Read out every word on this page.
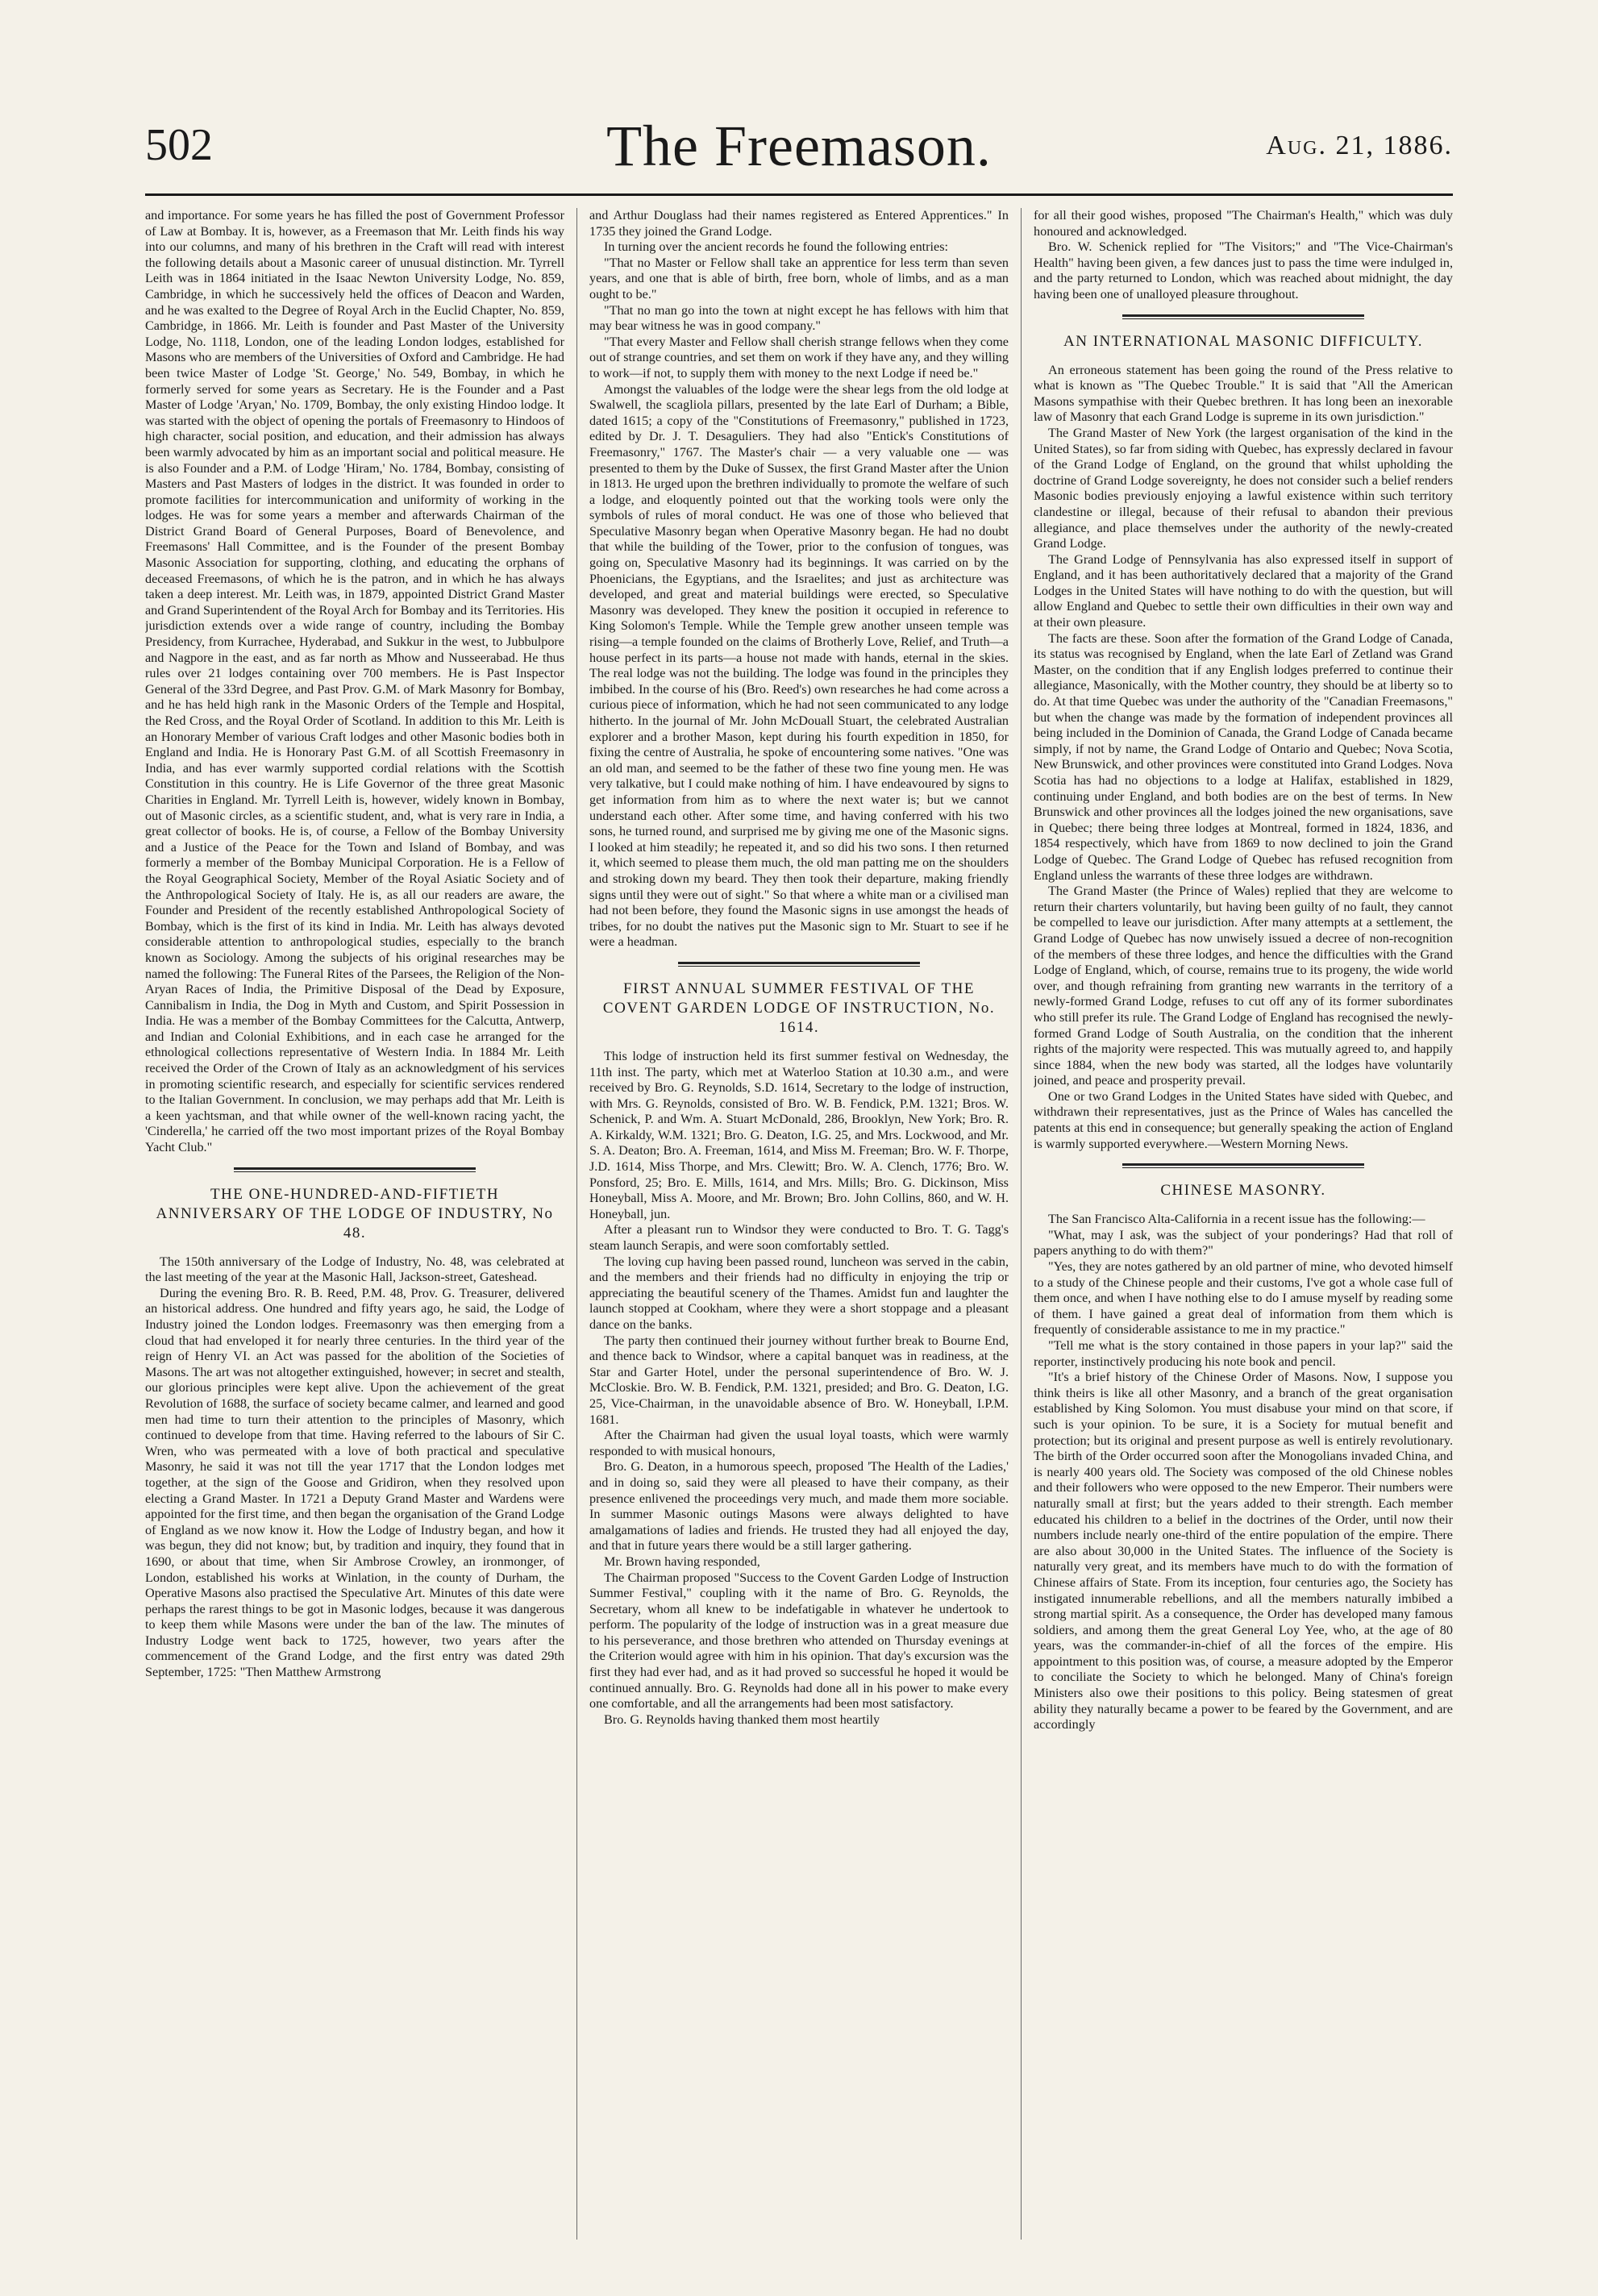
502	The Freemason.	Aug. 21, 1886.

and importance. For some years he has filled the post of Government Professor of Law at Bombay. It is, however, as a Freemason that Mr. Leith finds his way into our columns, and many of his brethren in the Craft will read with interest the following details about a Masonic career of unusual distinction. Mr. Tyrrell Leith was in 1864 initiated in the Isaac Newton University Lodge, No. 859, Cambridge, in which he successively held the offices of Deacon and Warden, and he was exalted to the Degree of Royal Arch in the Euclid Chapter, No. 859, Cambridge, in 1866. Mr. Leith is founder and Past Master of the University Lodge, No. 1118, London, one of the leading London lodges, established for Masons who are members of the Universities of Oxford and Cambridge. He had been twice Master of Lodge 'St. George,' No. 549, Bombay, in which he formerly served for some years as Secretary. He is the Founder and a Past Master of Lodge 'Aryan,' No. 1709, Bombay, the only existing Hindoo lodge. It was started with the object of opening the portals of Freemasonry to Hindoos of high character, social position, and education, and their admission has always been warmly advocated by him as an important social and political measure. He is also Founder and a P.M. of Lodge 'Hiram,' No. 1784, Bombay, consisting of Masters and Past Masters of lodges in the district. It was founded in order to promote facilities for intercommunication and uniformity of working in the lodges. He was for some years a member and afterwards Chairman of the District Grand Board of General Purposes, Board of Benevolence, and Freemasons' Hall Committee, and is the Founder of the present Bombay Masonic Association for supporting, clothing, and educating the orphans of deceased Freemasons, of which he is the patron, and in which he has always taken a deep interest. Mr. Leith was, in 1879, appointed District Grand Master and Grand Superintendent of the Royal Arch for Bombay and its Territories. His jurisdiction extends over a wide range of country, including the Bombay Presidency, from Kurrachee, Hyderabad, and Sukkur in the west, to Jubbulpore and Nagpore in the east, and as far north as Mhow and Nusseerabad. He thus rules over 21 lodges containing over 700 members. He is Past Inspector General of the 33rd Degree, and Past Prov. G.M. of Mark Masonry for Bombay, and he has held high rank in the Masonic Orders of the Temple and Hospital, the Red Cross, and the Royal Order of Scotland. In addition to this Mr. Leith is an Honorary Member of various Craft lodges and other Masonic bodies both in England and India. He is Honorary Past G.M. of all Scottish Freemasonry in India, and has ever warmly supported cordial relations with the Scottish Constitution in this country. He is Life Governor of the three great Masonic Charities in England. Mr. Tyrrell Leith is, however, widely known in Bombay, out of Masonic circles, as a scientific student, and, what is very rare in India, a great collector of books. He is, of course, a Fellow of the Bombay University and a Justice of the Peace for the Town and Island of Bombay, and was formerly a member of the Bombay Municipal Corporation. He is a Fellow of the Royal Geographical Society, Member of the Royal Asiatic Society and of the Anthropological Society of Italy. He is, as all our readers are aware, the Founder and President of the recently established Anthropological Society of Bombay, which is the first of its kind in India. Mr. Leith has always devoted considerable attention to anthropological studies, especially to the branch known as Sociology. Among the subjects of his original researches may be named the following: The Funeral Rites of the Parsees, the Religion of the Non-Aryan Races of India, the Primitive Disposal of the Dead by Exposure, Cannibalism in India, the Dog in Myth and Custom, and Spirit Possession in India. He was a member of the Bombay Committees for the Calcutta, Antwerp, and Indian and Colonial Exhibitions, and in each case he arranged for the ethnological collections representative of Western India. In 1884 Mr. Leith received the Order of the Crown of Italy as an acknowledgment of his services in promoting scientific research, and especially for scientific services rendered to the Italian Government. In conclusion, we may perhaps add that Mr. Leith is a keen yachtsman, and that while owner of the well-known racing yacht, the 'Cinderella,' he carried off the two most important prizes of the Royal Bombay Yacht Club."

THE ONE-HUNDRED-AND-FIFTIETH ANNIVERSARY OF THE LODGE OF INDUSTRY, No 48.

The 150th anniversary of the Lodge of Industry, No. 48, was celebrated at the last meeting of the year at the Masonic Hall, Jackson-street, Gateshead.

During the evening Bro. R. B. Reed, P.M. 48, Prov. G. Treasurer, delivered an historical address. One hundred and fifty years ago, he said, the Lodge of Industry joined the London lodges. Freemasonry was then emerging from a cloud that had enveloped it for nearly three centuries. In the third year of the reign of Henry VI. an Act was passed for the abolition of the Societies of Masons. The art was not altogether extinguished, however; in secret and stealth, our glorious principles were kept alive. Upon the achievement of the great Revolution of 1688, the surface of society became calmer, and learned and good men had time to turn their attention to the principles of Masonry, which continued to develope from that time. Having referred to the labours of Sir C. Wren, who was permeated with a love of both practical and speculative Masonry, he said it was not till the year 1717 that the London lodges met together, at the sign of the Goose and Gridiron, when they resolved upon electing a Grand Master. In 1721 a Deputy Grand Master and Wardens were appointed for the first time, and then began the organisation of the Grand Lodge of England as we now know it. How the Lodge of Industry began, and how it was begun, they did not know; but, by tradition and inquiry, they found that in 1690, or about that time, when Sir Ambrose Crowley, an ironmonger, of London, established his works at Winlation, in the county of Durham, the Operative Masons also practised the Speculative Art. Minutes of this date were perhaps the rarest things to be got in Masonic lodges, because it was dangerous to keep them while Masons were under the ban of the law. The minutes of Industry Lodge went back to 1725, however, two years after the commencement of the Grand Lodge, and the first entry was dated 29th September, 1725: "Then Matthew Armstrong

and Arthur Douglass had their names registered as Entered Apprentices." In 1735 they joined the Grand Lodge.

In turning over the ancient records he found the following entries:

"That no Master or Fellow shall take an apprentice for less term than seven years, and one that is able of birth, free born, whole of limbs, and as a man ought to be."

"That no man go into the town at night except he has fellows with him that may bear witness he was in good company."

"That every Master and Fellow shall cherish strange fellows when they come out of strange countries, and set them on work if they have any, and they willing to work—if not, to supply them with money to the next Lodge if need be."

Amongst the valuables of the lodge were the shear legs from the old lodge at Swalwell, the scagliola pillars, presented by the late Earl of Durham; a Bible, dated 1615; a copy of the "Constitutions of Freemasonry," published in 1723, edited by Dr. J. T. Desaguliers. They had also "Entick's Constitutions of Freemasonry," 1767. The Master's chair — a very valuable one — was presented to them by the Duke of Sussex, the first Grand Master after the Union in 1813. He urged upon the brethren individually to promote the welfare of such a lodge, and eloquently pointed out that the working tools were only the symbols of rules of moral conduct. He was one of those who believed that Speculative Masonry began when Operative Masonry began. He had no doubt that while the building of the Tower, prior to the confusion of tongues, was going on, Speculative Masonry had its beginnings. It was carried on by the Phoenicians, the Egyptians, and the Israelites; and just as architecture was developed, and great and material buildings were erected, so Speculative Masonry was developed. They knew the position it occupied in reference to King Solomon's Temple. While the Temple grew another unseen temple was rising—a temple founded on the claims of Brotherly Love, Relief, and Truth—a house perfect in its parts—a house not made with hands, eternal in the skies. The real lodge was not the building. The lodge was found in the principles they imbibed. In the course of his (Bro. Reed's) own researches he had come across a curious piece of information, which he had not seen communicated to any lodge hitherto. In the journal of Mr. John McDouall Stuart, the celebrated Australian explorer and a brother Mason, kept during his fourth expedition in 1850, for fixing the centre of Australia, he spoke of encountering some natives. "One was an old man, and seemed to be the father of these two fine young men. He was very talkative, but I could make nothing of him. I have endeavoured by signs to get information from him as to where the next water is; but we cannot understand each other. After some time, and having conferred with his two sons, he turned round, and surprised me by giving me one of the Masonic signs. I looked at him steadily; he repeated it, and so did his two sons. I then returned it, which seemed to please them much, the old man patting me on the shoulders and stroking down my beard. They then took their departure, making friendly signs until they were out of sight." So that where a white man or a civilised man had not been before, they found the Masonic signs in use amongst the heads of tribes, for no doubt the natives put the Masonic sign to Mr. Stuart to see if he were a headman.

FIRST ANNUAL SUMMER FESTIVAL OF THE COVENT GARDEN LODGE OF INSTRUCTION, No. 1614.

This lodge of instruction held its first summer festival on Wednesday, the 11th inst. The party, which met at Waterloo Station at 10.30 a.m., and were received by Bro. G. Reynolds, S.D. 1614, Secretary to the lodge of instruction, with Mrs. G. Reynolds, consisted of Bro. W. B. Fendick, P.M. 1321; Bros. W. Schenick, P. and Wm. A. Stuart McDonald, 286, Brooklyn, New York; Bro. R. A. Kirkaldy, W.M. 1321; Bro. G. Deaton, I.G. 25, and Mrs. Lockwood, and Mr. S. A. Deaton; Bro. A. Freeman, 1614, and Miss M. Freeman; Bro. W. F. Thorpe, J.D. 1614, Miss Thorpe, and Mrs. Clewitt; Bro. W. A. Clench, 1776; Bro. W. Ponsford, 25; Bro. E. Mills, 1614, and Mrs. Mills; Bro. G. Dickinson, Miss Honeyball, Miss A. Moore, and Mr. Brown; Bro. John Collins, 860, and W. H. Honeyball, jun.

After a pleasant run to Windsor they were conducted to Bro. T. G. Tagg's steam launch Serapis, and were soon comfortably settled.

The loving cup having been passed round, luncheon was served in the cabin, and the members and their friends had no difficulty in enjoying the trip or appreciating the beautiful scenery of the Thames. Amidst fun and laughter the launch stopped at Cookham, where they were a short stoppage and a pleasant dance on the banks.

The party then continued their journey without further break to Bourne End, and thence back to Windsor, where a capital banquet was in readiness, at the Star and Garter Hotel, under the personal superintendence of Bro. W. J. McCloskie. Bro. W. B. Fendick, P.M. 1321, presided; and Bro. G. Deaton, I.G. 25, Vice-Chairman, in the unavoidable absence of Bro. W. Honeyball, I.P.M. 1681.

After the Chairman had given the usual loyal toasts, which were warmly responded to with musical honours,

Bro. G. Deaton, in a humorous speech, proposed 'The Health of the Ladies,' and in doing so, said they were all pleased to have their company, as their presence enlivened the proceedings very much, and made them more sociable. In summer Masonic outings Masons were always delighted to have amalgamations of ladies and friends. He trusted they had all enjoyed the day, and that in future years there would be a still larger gathering.

Mr. Brown having responded,

The Chairman proposed "Success to the Covent Garden Lodge of Instruction Summer Festival," coupling with it the name of Bro. G. Reynolds, the Secretary, whom all knew to be indefatigable in whatever he undertook to perform. The popularity of the lodge of instruction was in a great measure due to his perseverance, and those brethren who attended on Thursday evenings at the Criterion would agree with him in his opinion. That day's excursion was the first they had ever had, and as it had proved so successful he hoped it would be continued annually. Bro. G. Reynolds had done all in his power to make every one comfortable, and all the arrangements had been most satisfactory.

Bro. G. Reynolds having thanked them most heartily

for all their good wishes, proposed "The Chairman's Health," which was duly honoured and acknowledged.

Bro. W. Schenick replied for "The Visitors;" and "The Vice-Chairman's Health" having been given, a few dances just to pass the time were indulged in, and the party returned to London, which was reached about midnight, the day having been one of unalloyed pleasure throughout.

AN INTERNATIONAL MASONIC DIFFICULTY.

An erroneous statement has been going the round of the Press relative to what is known as "The Quebec Trouble." It is said that "All the American Masons sympathise with their Quebec brethren. It has long been an inexorable law of Masonry that each Grand Lodge is supreme in its own jurisdiction."

The Grand Master of New York (the largest organisation of the kind in the United States), so far from siding with Quebec, has expressly declared in favour of the Grand Lodge of England, on the ground that whilst upholding the doctrine of Grand Lodge sovereignty, he does not consider such a belief renders Masonic bodies previously enjoying a lawful existence within such territory clandestine or illegal, because of their refusal to abandon their previous allegiance, and place themselves under the authority of the newly-created Grand Lodge.

The Grand Lodge of Pennsylvania has also expressed itself in support of England, and it has been authoritatively declared that a majority of the Grand Lodges in the United States will have nothing to do with the question, but will allow England and Quebec to settle their own difficulties in their own way and at their own pleasure.

The facts are these. Soon after the formation of the Grand Lodge of Canada, its status was recognised by England, when the late Earl of Zetland was Grand Master, on the condition that if any English lodges preferred to continue their allegiance, Masonically, with the Mother country, they should be at liberty so to do. At that time Quebec was under the authority of the "Canadian Freemasons," but when the change was made by the formation of independent provinces all being included in the Dominion of Canada, the Grand Lodge of Canada became simply, if not by name, the Grand Lodge of Ontario and Quebec; Nova Scotia, New Brunswick, and other provinces were constituted into Grand Lodges. Nova Scotia has had no objections to a lodge at Halifax, established in 1829, continuing under England, and both bodies are on the best of terms. In New Brunswick and other provinces all the lodges joined the new organisations, save in Quebec; there being three lodges at Montreal, formed in 1824, 1836, and 1854 respectively, which have from 1869 to now declined to join the Grand Lodge of Quebec. The Grand Lodge of Quebec has refused recognition from England unless the warrants of these three lodges are withdrawn.

The Grand Master (the Prince of Wales) replied that they are welcome to return their charters voluntarily, but having been guilty of no fault, they cannot be compelled to leave our jurisdiction. After many attempts at a settlement, the Grand Lodge of Quebec has now unwisely issued a decree of non-recognition of the members of these three lodges, and hence the difficulties with the Grand Lodge of England, which, of course, remains true to its progeny, the wide world over, and though refraining from granting new warrants in the territory of a newly-formed Grand Lodge, refuses to cut off any of its former subordinates who still prefer its rule. The Grand Lodge of England has recognised the newly-formed Grand Lodge of South Australia, on the condition that the inherent rights of the majority were respected. This was mutually agreed to, and happily since 1884, when the new body was started, all the lodges have voluntarily joined, and peace and prosperity prevail.

One or two Grand Lodges in the United States have sided with Quebec, and withdrawn their representatives, just as the Prince of Wales has cancelled the patents at this end in consequence; but generally speaking the action of England is warmly supported everywhere.—Western Morning News.

CHINESE MASONRY.

The San Francisco Alta-California in a recent issue has the following:—

"What, may I ask, was the subject of your ponderings? Had that roll of papers anything to do with them?"

"Yes, they are notes gathered by an old partner of mine, who devoted himself to a study of the Chinese people and their customs, I've got a whole case full of them once, and when I have nothing else to do I amuse myself by reading some of them. I have gained a great deal of information from them which is frequently of considerable assistance to me in my practice."

"Tell me what is the story contained in those papers in your lap?" said the reporter, instinctively producing his note book and pencil.

"It's a brief history of the Chinese Order of Masons. Now, I suppose you think theirs is like all other Masonry, and a branch of the great organisation established by King Solomon. You must disabuse your mind on that score, if such is your opinion. To be sure, it is a Society for mutual benefit and protection; but its original and present purpose as well is entirely revolutionary. The birth of the Order occurred soon after the Monogolians invaded China, and is nearly 400 years old. The Society was composed of the old Chinese nobles and their followers who were opposed to the new Emperor. Their numbers were naturally small at first; but the years added to their strength. Each member educated his children to a belief in the doctrines of the Order, until now their numbers include nearly one-third of the entire population of the empire. There are also about 30,000 in the United States. The influence of the Society is naturally very great, and its members have much to do with the formation of Chinese affairs of State. From its inception, four centuries ago, the Society has instigated innumerable rebellions, and all the members naturally imbibed a strong martial spirit. As a consequence, the Order has developed many famous soldiers, and among them the great General Loy Yee, who, at the age of 80 years, was the commander-in-chief of all the forces of the empire. His appointment to this position was, of course, a measure adopted by the Emperor to conciliate the Society to which he belonged. Many of China's foreign Ministers also owe their positions to this policy. Being statesmen of great ability they naturally became a power to be feared by the Government, and are accordingly
